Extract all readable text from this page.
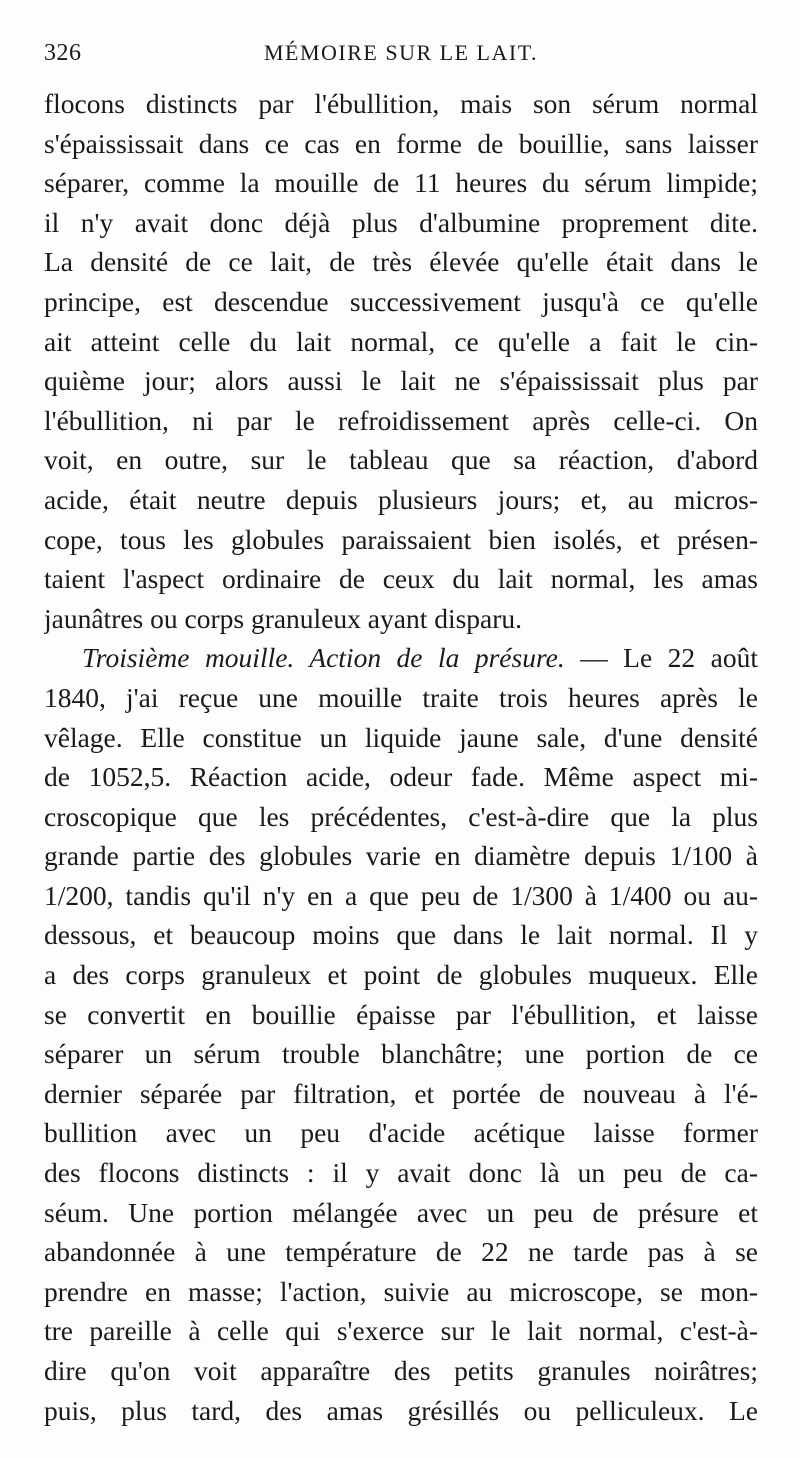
326	MÉMOIRE SUR LE LAIT.
flocons distincts par l'ébullition, mais son sérum normal
s'épaississait dans ce cas en forme de bouillie, sans laisser
séparer, comme la mouille de 11 heures du sérum limpide;
il n'y avait donc déjà plus d'albumine proprement dite.
La densité de ce lait, de très élevée qu'elle était dans le
principe, est descendue successivement jusqu'à ce qu'elle
ait atteint celle du lait normal, ce qu'elle a fait le cin-
quième jour; alors aussi le lait ne s'épaississait plus par
l'ébullition, ni par le refroidissement après celle-ci. On
voit, en outre, sur le tableau que sa réaction, d'abord
acide, était neutre depuis plusieurs jours; et, au micros-
cope, tous les globules paraissaient bien isolés, et présen-
taient l'aspect ordinaire de ceux du lait normal, les amas
jaunâtres ou corps granuleux ayant disparu.
Troisième mouille. Action de la présure. — Le 22 août
1840, j'ai reçue une mouille traite trois heures après le
vêlage. Elle constitue un liquide jaune sale, d'une densité
de 1052,5. Réaction acide, odeur fade. Même aspect mi-
croscopique que les précédentes, c'est-à-dire que la plus
grande partie des globules varie en diamètre depuis 1/100 à
1/200, tandis qu'il n'y en a que peu de 1/300 à 1/400 ou au-
dessous, et beaucoup moins que dans le lait normal. Il y
a des corps granuleux et point de globules muqueux. Elle
se convertit en bouillie épaisse par l'ébullition, et laisse
séparer un sérum trouble blanchâtre; une portion de ce
dernier séparée par filtration, et portée de nouveau à l'é-
bullition avec un peu d'acide acétique laisse former
des flocons distincts : il y avait donc là un peu de ca-
séum. Une portion mélangée avec un peu de présure et
abandonnée à une température de 22 ne tarde pas à se
prendre en masse; l'action, suivie au microscope, se mon-
tre pareille à celle qui s'exerce sur le lait normal, c'est-à-
dire qu'on voit apparaître des petits granules noirâtres;
puis, plus tard, des amas grésillés ou pelliculeux. Le
